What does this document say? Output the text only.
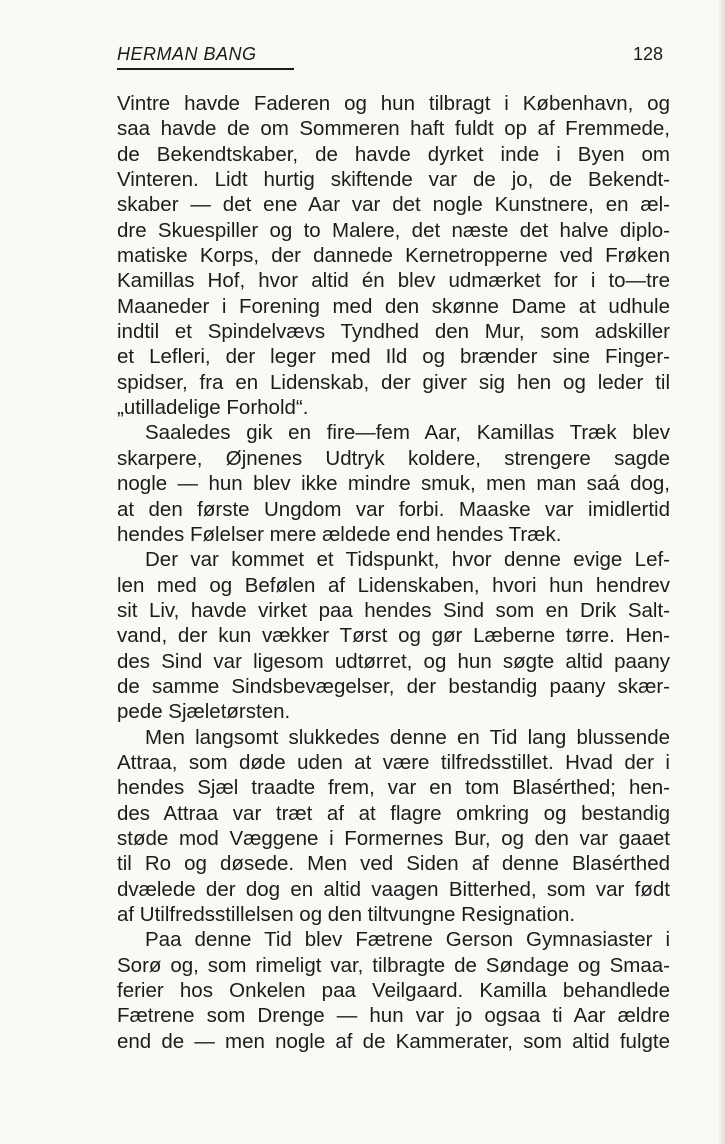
HERMAN BANG	128
Vintre havde Faderen og hun tilbragt i København, og
saa havde de om Sommeren haft fuldt op af Fremmede,
de Bekendtskaber, de havde dyrket inde i Byen om
Vinteren. Lidt hurtig skiftende var de jo, de Bekendt-
skaber — det ene Aar var det nogle Kunstnere, en æl-
dre Skuespiller og to Malere, det næste det halve diplo-
matiske Korps, der dannede Kernetropperne ved Frøken
Kamillas Hof, hvor altid én blev udmærket for i to—tre
Maaneder i Forening med den skønne Dame at udhule
indtil et Spindelvævs Tyndhed den Mur, som adskiller
et Lefleri, der leger med Ild og brænder sine Finger-
spidser, fra en Lidenskab, der giver sig hen og leder til
„utilladelige Forhold“.
Saaledes gik en fire—fem Aar, Kamillas Træk blev
skarpere, Øjnenes Udtryk koldere, strengere sagde
nogle — hun blev ikke mindre smuk, men man saá dog,
at den første Ungdom var forbi. Maaske var imidlertid
hendes Følelser mere ældede end hendes Træk.
Der var kommet et Tidspunkt, hvor denne evige Lef-
len med og Befølen af Lidenskaben, hvori hun hendrev
sit Liv, havde virket paa hendes Sind som en Drik Salt-
vand, der kun vækker Tørst og gør Læberne tørre. Hen-
des Sind var ligesom udtørret, og hun søgte altid paany
de samme Sindsbevægelser, der bestandig paany skær-
pede Sjæletørsten.
Men langsomt slukkedes denne en Tid lang blussende
Attraa, som døde uden at være tilfredsstillet. Hvad der i
hendes Sjæl traadte frem, var en tom Blasérthed; hen-
des Attraa var træt af at flagre omkring og bestandig
støde mod Væggene i Formernes Bur, og den var gaaet
til Ro og døsede. Men ved Siden af denne Blasérthed
dvælede der dog en altid vaagen Bitterhed, som var født
af Utilfredsstillelsen og den tiltvungne Resignation.
Paa denne Tid blev Fætrene Gerson Gymnasiaster i
Sorø og, som rimeligt var, tilbragte de Søndage og Smaa-
ferier hos Onkelen paa Veilgaard. Kamilla behandlede
Fætrene som Drenge — hun var jo ogsaa ti Aar ældre
end de — men nogle af de Kammerater, som altid fulgte
